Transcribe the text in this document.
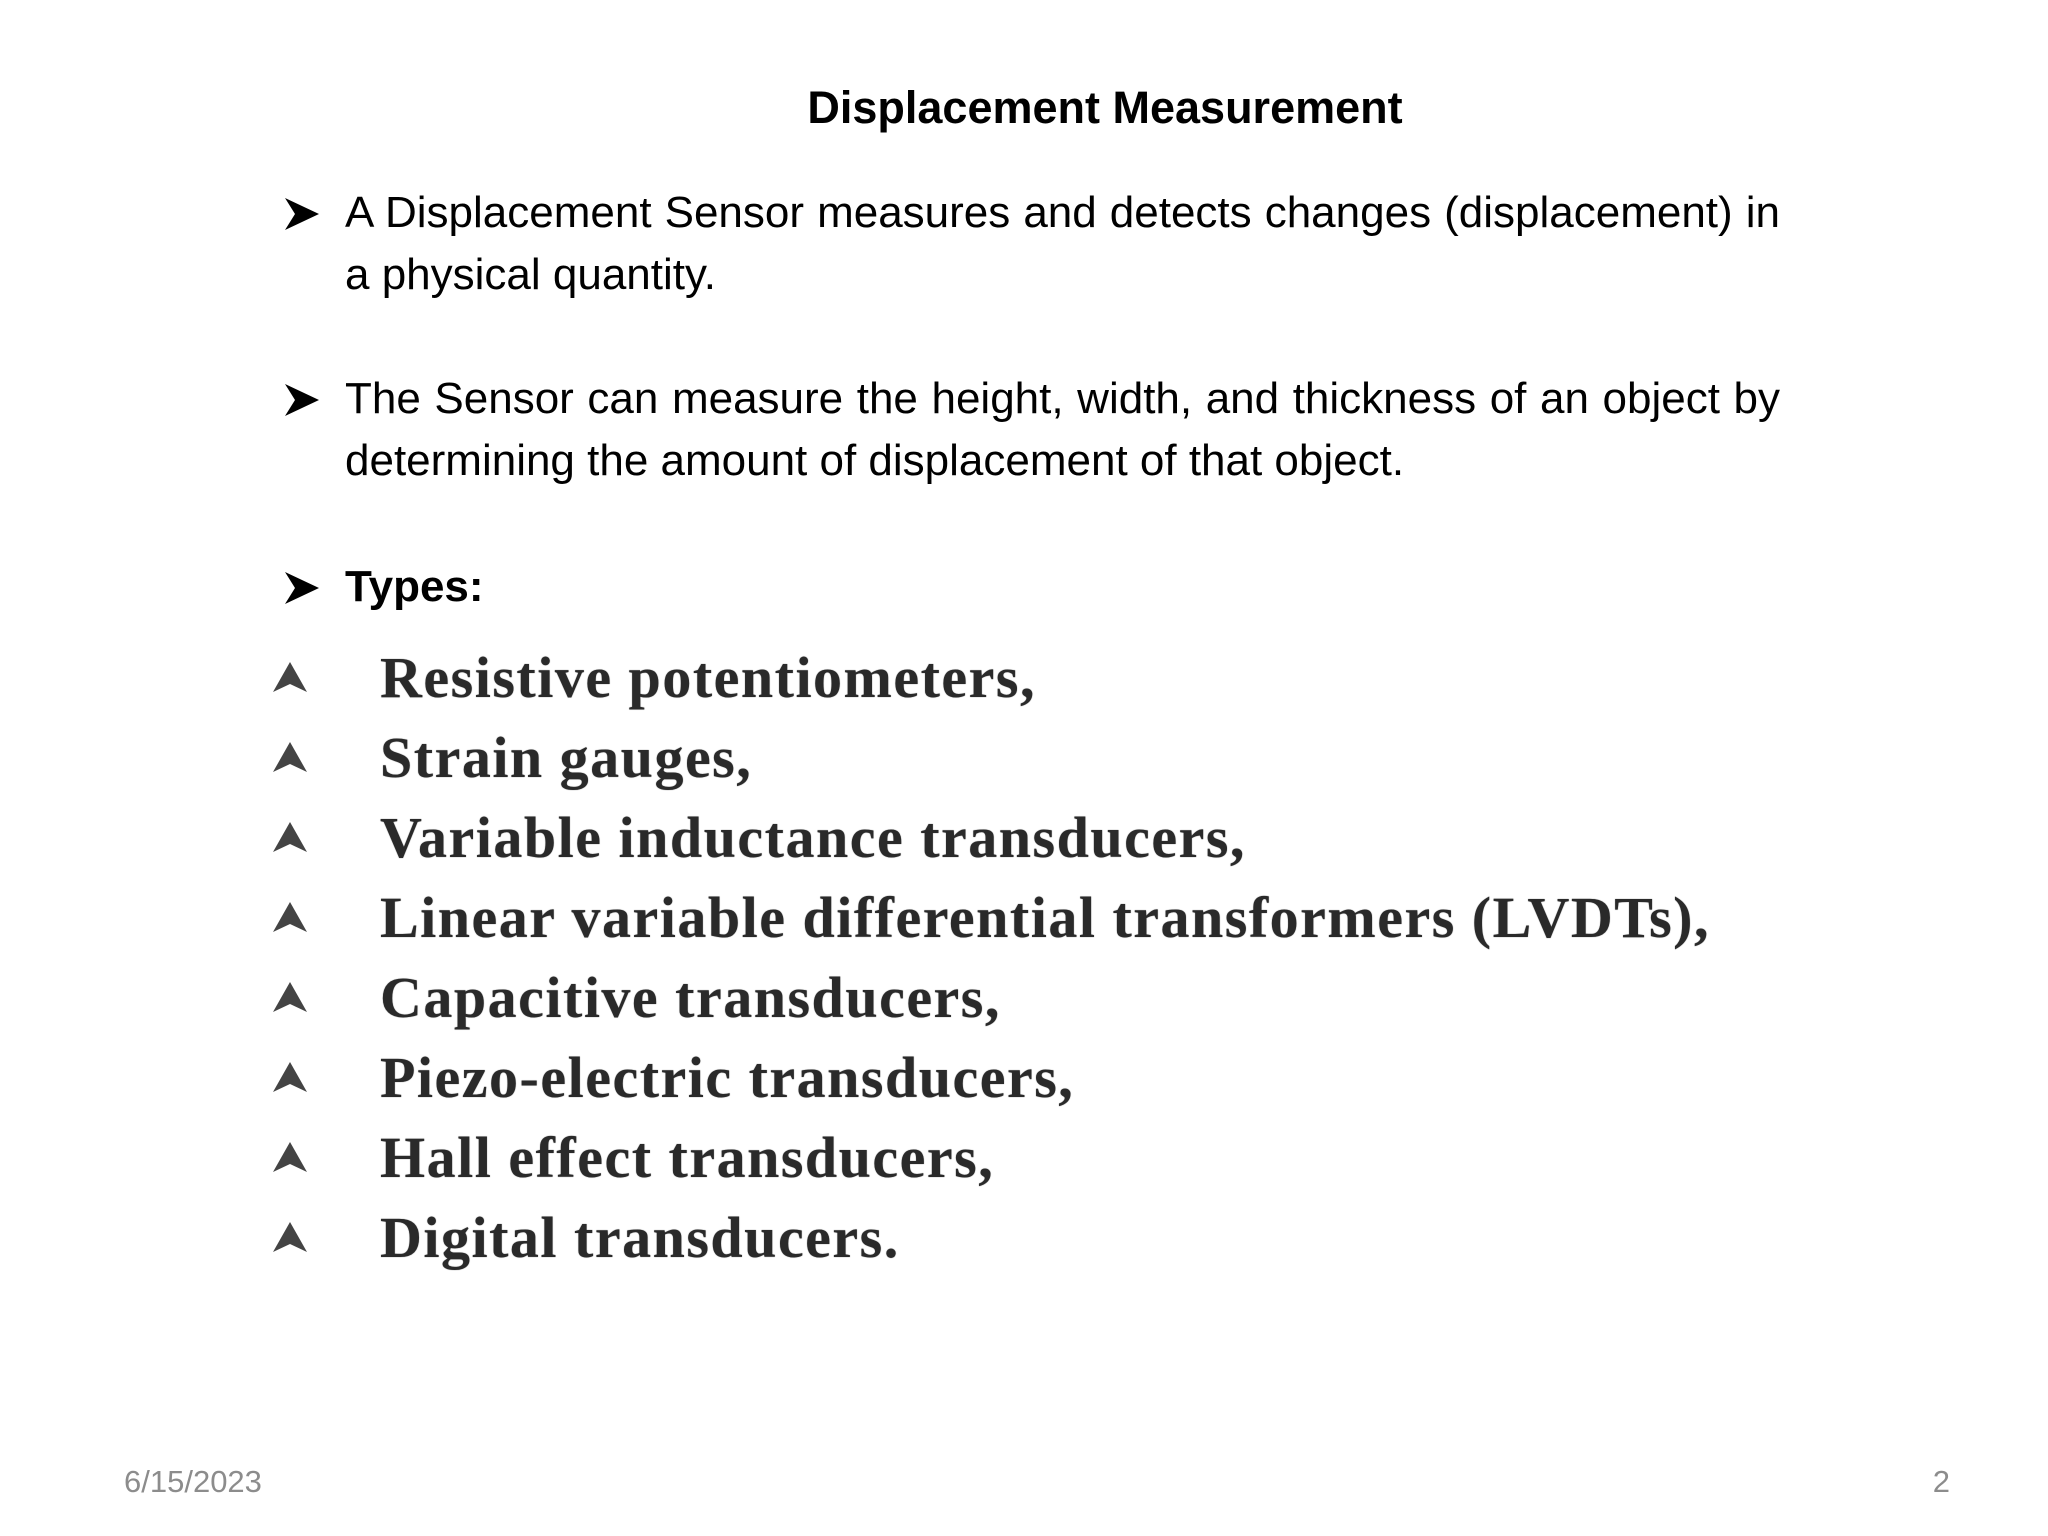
Displacement Measurement
A Displacement Sensor measures and detects changes (displacement) in a physical quantity.
The Sensor can measure the height, width, and thickness of an object by determining the amount of displacement of that object.
Types:
Resistive potentiometers,
Strain gauges,
Variable inductance transducers,
Linear variable differential transformers (LVDTs),
Capacitive transducers,
Piezo-electric transducers,
Hall effect transducers,
Digital transducers.
6/15/2023	2
